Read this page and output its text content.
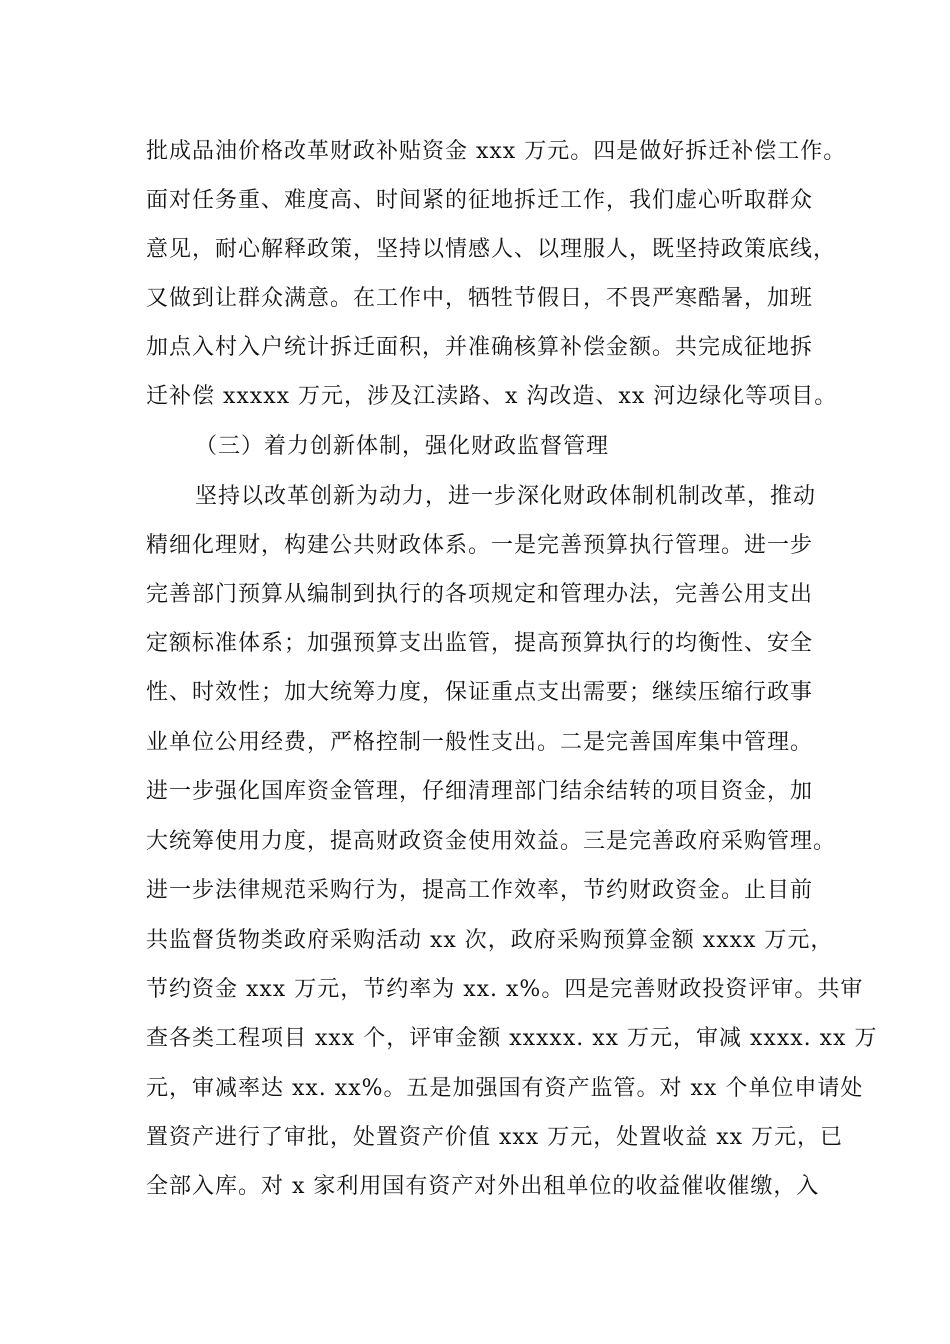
批成品油价格改革财政补贴资金 xxx 万元。四是做好拆迁补偿工作。

面对任务重、难度高、时间紧的征地拆迁工作，我们虚心听取群众

意见，耐心解释政策，坚持以情感人、以理服人，既坚持政策底线，

又做到让群众满意。在工作中，牺牲节假日，不畏严寒酷暑，加班

加点入村入户统计拆迁面积，并准确核算补偿金额。共完成征地拆

迁补偿 xxxxx 万元，涉及江渎路、x 沟改造、xx 河边绿化等项目。

（三）着力创新体制，强化财政监督管理

坚持以改革创新为动力，进一步深化财政体制机制改革，推动

精细化理财，构建公共财政体系。一是完善预算执行管理。进一步

完善部门预算从编制到执行的各项规定和管理办法，完善公用支出

定额标准体系；加强预算支出监管，提高预算执行的均衡性、安全

性、时效性；加大统筹力度，保证重点支出需要；继续压缩行政事

业单位公用经费，严格控制一般性支出。二是完善国库集中管理。

进一步强化国库资金管理，仔细清理部门结余结转的项目资金，加

大统筹使用力度，提高财政资金使用效益。三是完善政府采购管理。

进一步法律规范采购行为，提高工作效率，节约财政资金。止目前

共监督货物类政府采购活动 xx 次，政府采购预算金额 xxxx 万元，

节约资金 xxx 万元，节约率为 xx. x%。四是完善财政投资评审。共审

查各类工程项目 xxx 个，评审金额 xxxxx. xx 万元，审减 xxxx. xx 万

元，审减率达 xx. xx%。五是加强国有资产监管。对 xx 个单位申请处

置资产进行了审批，处置资产价值 xxx 万元，处置收益 xx 万元，已

全部入库。对 x 家利用国有资产对外出租单位的收益催收催缴，入
